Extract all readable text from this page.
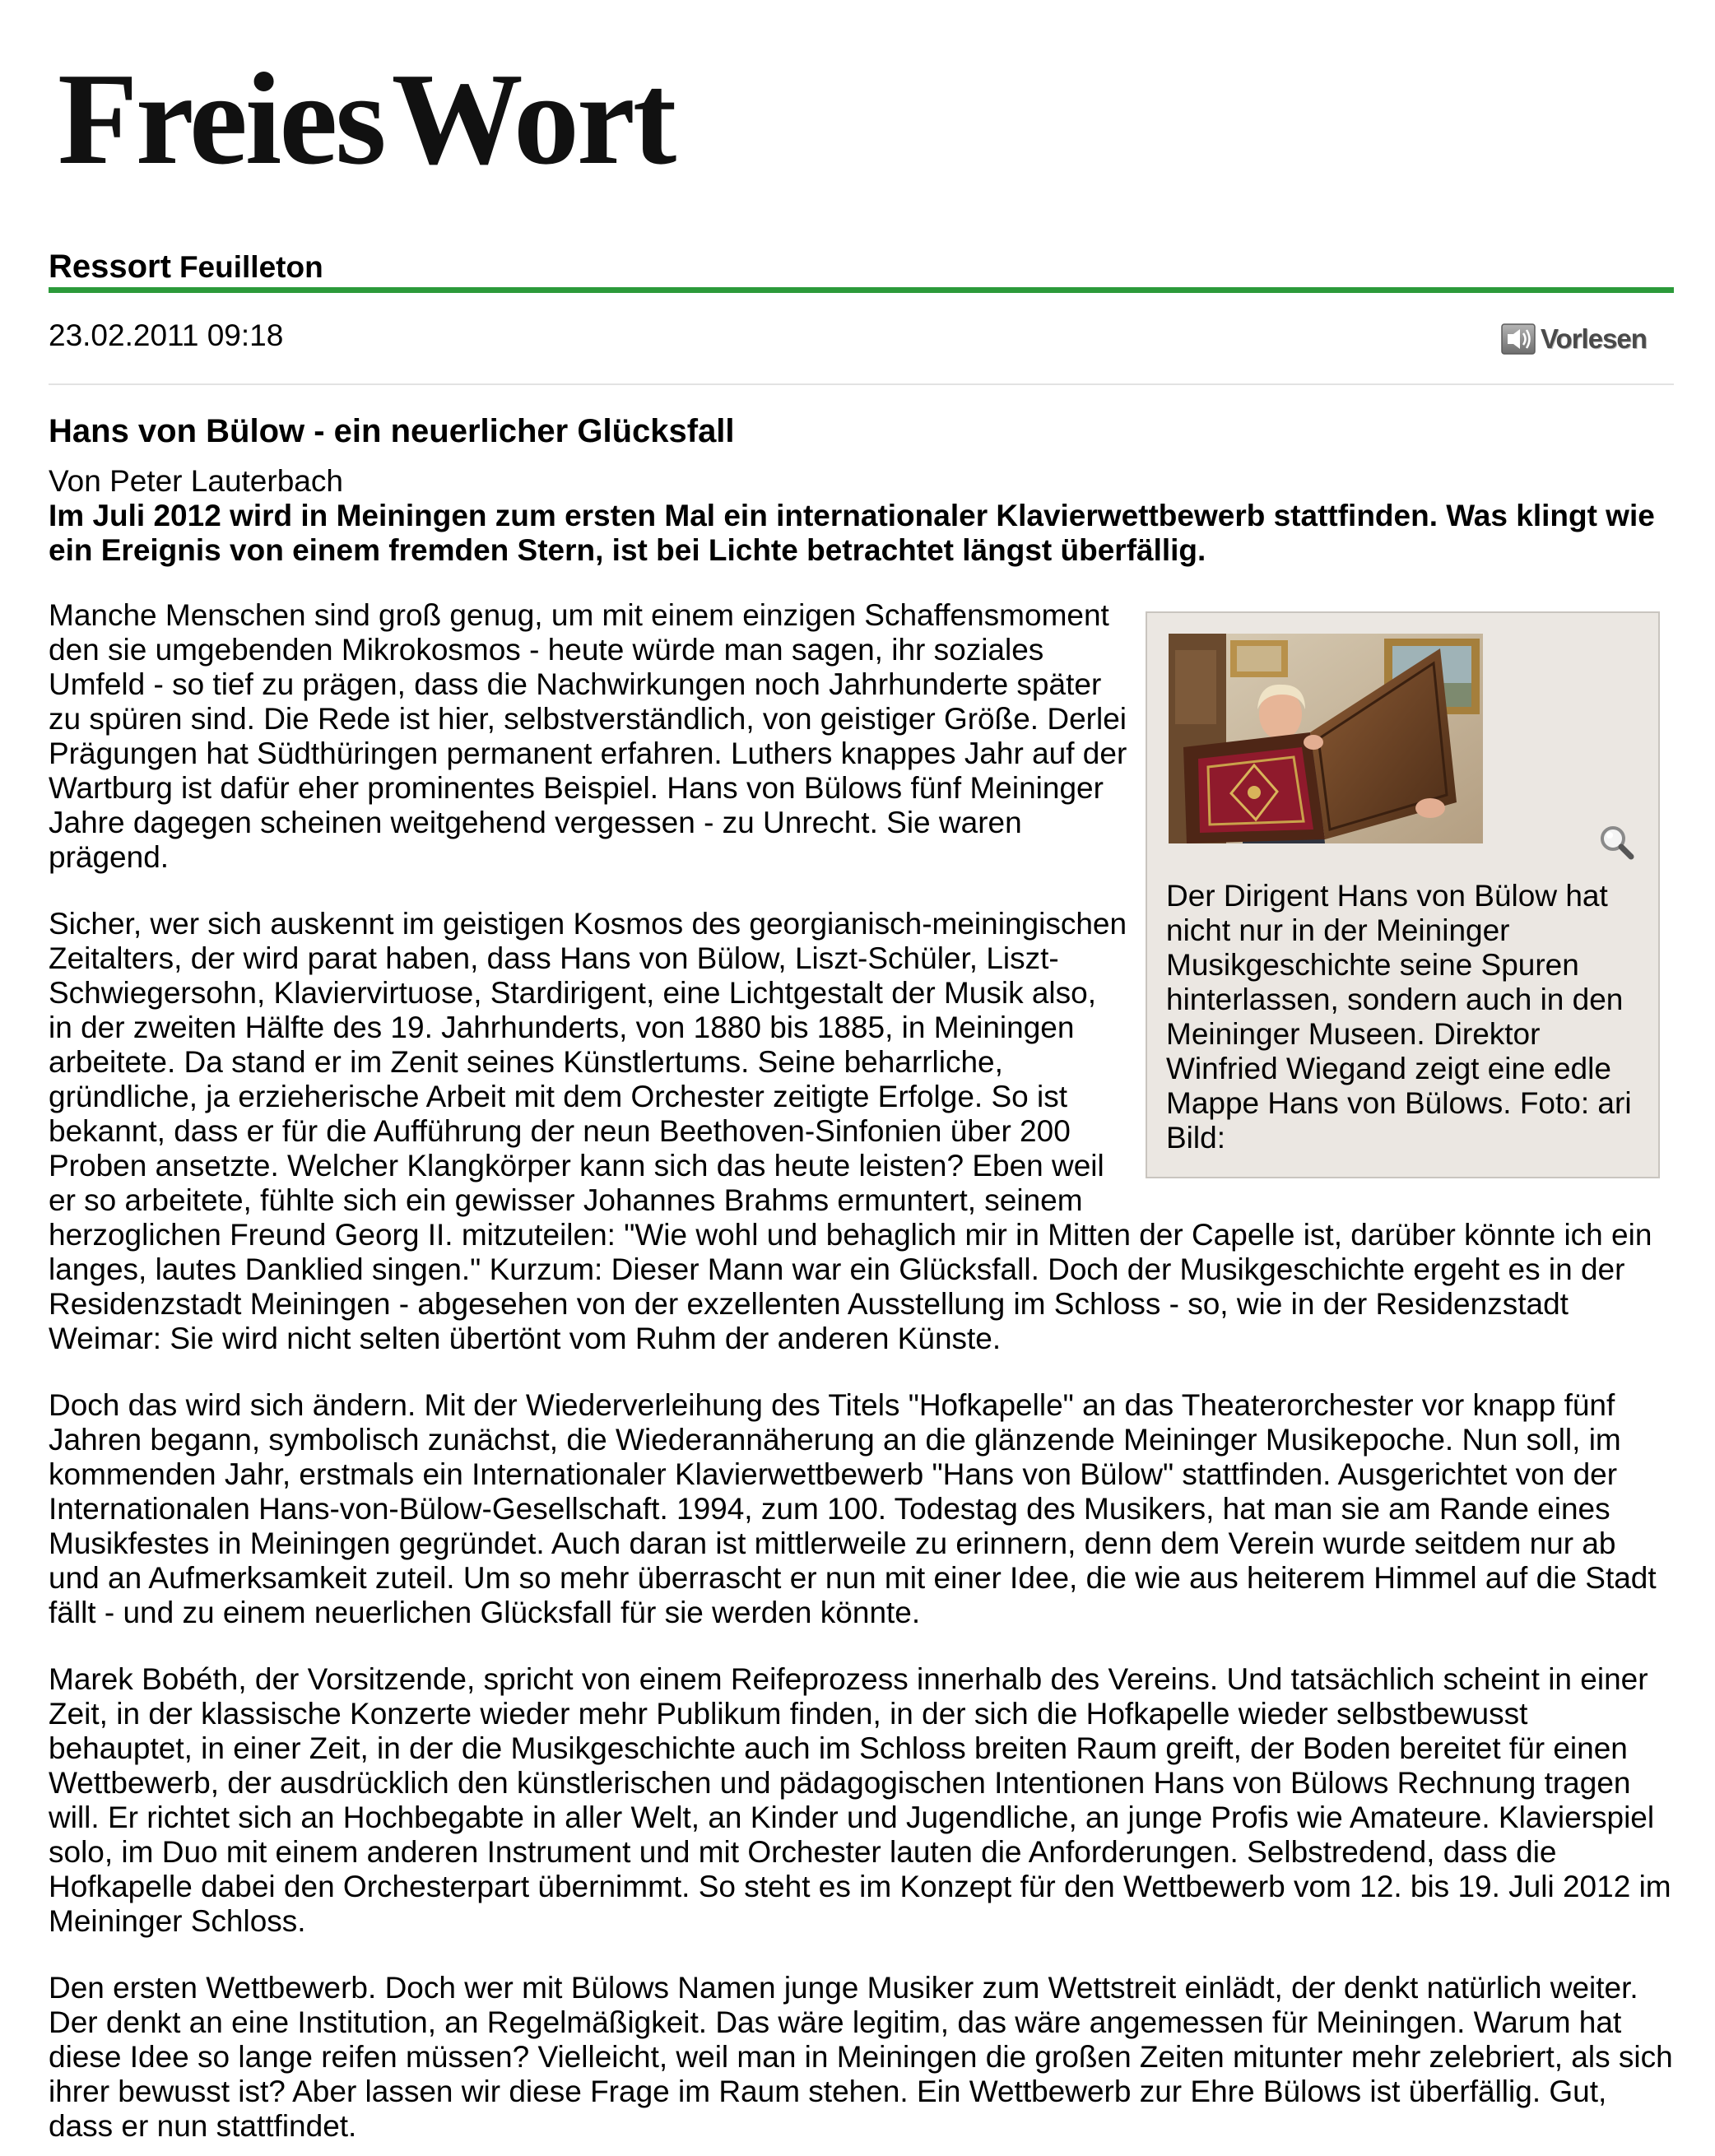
Freies Wort
Ressort Feuilleton
23.02.2011 09:18	Vorlesen
Hans von Bülow - ein neuerlicher Glücksfall

Von Peter Lauterbach

Im Juli 2012 wird in Meiningen zum ersten Mal ein internationaler Klavierwettbewerb stattfinden. Was klingt wie ein Ereignis von einem fremden Stern, ist bei Lichte betrachtet längst überfällig.

Der Dirigent Hans von Bülow hat nicht nur in der Meininger Musikgeschichte seine Spuren hinterlassen, sondern auch in den Meininger Museen. Direktor Winfried Wiegand zeigt eine edle Mappe Hans von Bülows. Foto: ari Bild:

Manche Menschen sind groß genug, um mit einem einzigen Schaffensmoment den sie umgebenden Mikrokosmos - heute würde man sagen, ihr soziales Umfeld - so tief zu prägen, dass die Nachwirkungen noch Jahrhunderte später zu spüren sind. Die Rede ist hier, selbstverständlich, von geistiger Größe. Derlei Prägungen hat Südthüringen permanent erfahren. Luthers knappes Jahr auf der Wartburg ist dafür eher prominentes Beispiel. Hans von Bülows fünf Meininger Jahre dagegen scheinen weitgehend vergessen - zu Unrecht. Sie waren prägend.

Sicher, wer sich auskennt im geistigen Kosmos des georgianisch-meiningischen Zeitalters, der wird parat haben, dass Hans von Bülow, Liszt-Schüler, Liszt-Schwiegersohn, Klaviervirtuose, Stardirigent, eine Lichtgestalt der Musik also, in der zweiten Hälfte des 19. Jahrhunderts, von 1880 bis 1885, in Meiningen arbeitete. Da stand er im Zenit seines Künstlertums. Seine beharrliche, gründliche, ja erzieherische Arbeit mit dem Orchester zeitigte Erfolge. So ist bekannt, dass er für die Aufführung der neun Beethoven-Sinfonien über 200 Proben ansetzte. Welcher Klangkörper kann sich das heute leisten? Eben weil er so arbeitete, fühlte sich ein gewisser Johannes Brahms ermuntert, seinem herzoglichen Freund Georg II. mitzuteilen: "Wie wohl und behaglich mir in Mitten der Capelle ist, darüber könnte ich ein langes, lautes Danklied singen." Kurzum: Dieser Mann war ein Glücksfall. Doch der Musikgeschichte ergeht es in der Residenzstadt Meiningen - abgesehen von der exzellenten Ausstellung im Schloss - so, wie in der Residenzstadt Weimar: Sie wird nicht selten übertönt vom Ruhm der anderen Künste.

Doch das wird sich ändern. Mit der Wiederverleihung des Titels "Hofkapelle" an das Theaterorchester vor knapp fünf Jahren begann, symbolisch zunächst, die Wiederannäherung an die glänzende Meininger Musikepoche. Nun soll, im kommenden Jahr, erstmals ein Internationaler Klavierwettbewerb "Hans von Bülow" stattfinden. Ausgerichtet von der Internationalen Hans-von-Bülow-Gesellschaft. 1994, zum 100. Todestag des Musikers, hat man sie am Rande eines Musikfestes in Meiningen gegründet. Auch daran ist mittlerweile zu erinnern, denn dem Verein wurde seitdem nur ab und an Aufmerksamkeit zuteil. Um so mehr überrascht er nun mit einer Idee, die wie aus heiterem Himmel auf die Stadt fällt - und zu einem neuerlichen Glücksfall für sie werden könnte.

Marek Bobéth, der Vorsitzende, spricht von einem Reifeprozess innerhalb des Vereins. Und tatsächlich scheint in einer Zeit, in der klassische Konzerte wieder mehr Publikum finden, in der sich die Hofkapelle wieder selbstbewusst behauptet, in einer Zeit, in der die Musikgeschichte auch im Schloss breiten Raum greift, der Boden bereitet für einen Wettbewerb, der ausdrücklich den künstlerischen und pädagogischen Intentionen Hans von Bülows Rechnung tragen will. Er richtet sich an Hochbegabte in aller Welt, an Kinder und Jugendliche, an junge Profis wie Amateure. Klavierspiel solo, im Duo mit einem anderen Instrument und mit Orchester lauten die Anforderungen. Selbstredend, dass die Hofkapelle dabei den Orchesterpart übernimmt. So steht es im Konzept für den Wettbewerb vom 12. bis 19. Juli 2012 im Meininger Schloss.

Den ersten Wettbewerb. Doch wer mit Bülows Namen junge Musiker zum Wettstreit einlädt, der denkt natürlich weiter. Der denkt an eine Institution, an Regelmäßigkeit. Das wäre legitim, das wäre angemessen für Meiningen. Warum hat diese Idee so lange reifen müssen? Vielleicht, weil man in Meiningen die großen Zeiten mitunter mehr zelebriert, als sich ihrer bewusst ist? Aber lassen wir diese Frage im Raum stehen. Ein Wettbewerb zur Ehre Bülows ist überfällig. Gut, dass er nun stattfindet.
